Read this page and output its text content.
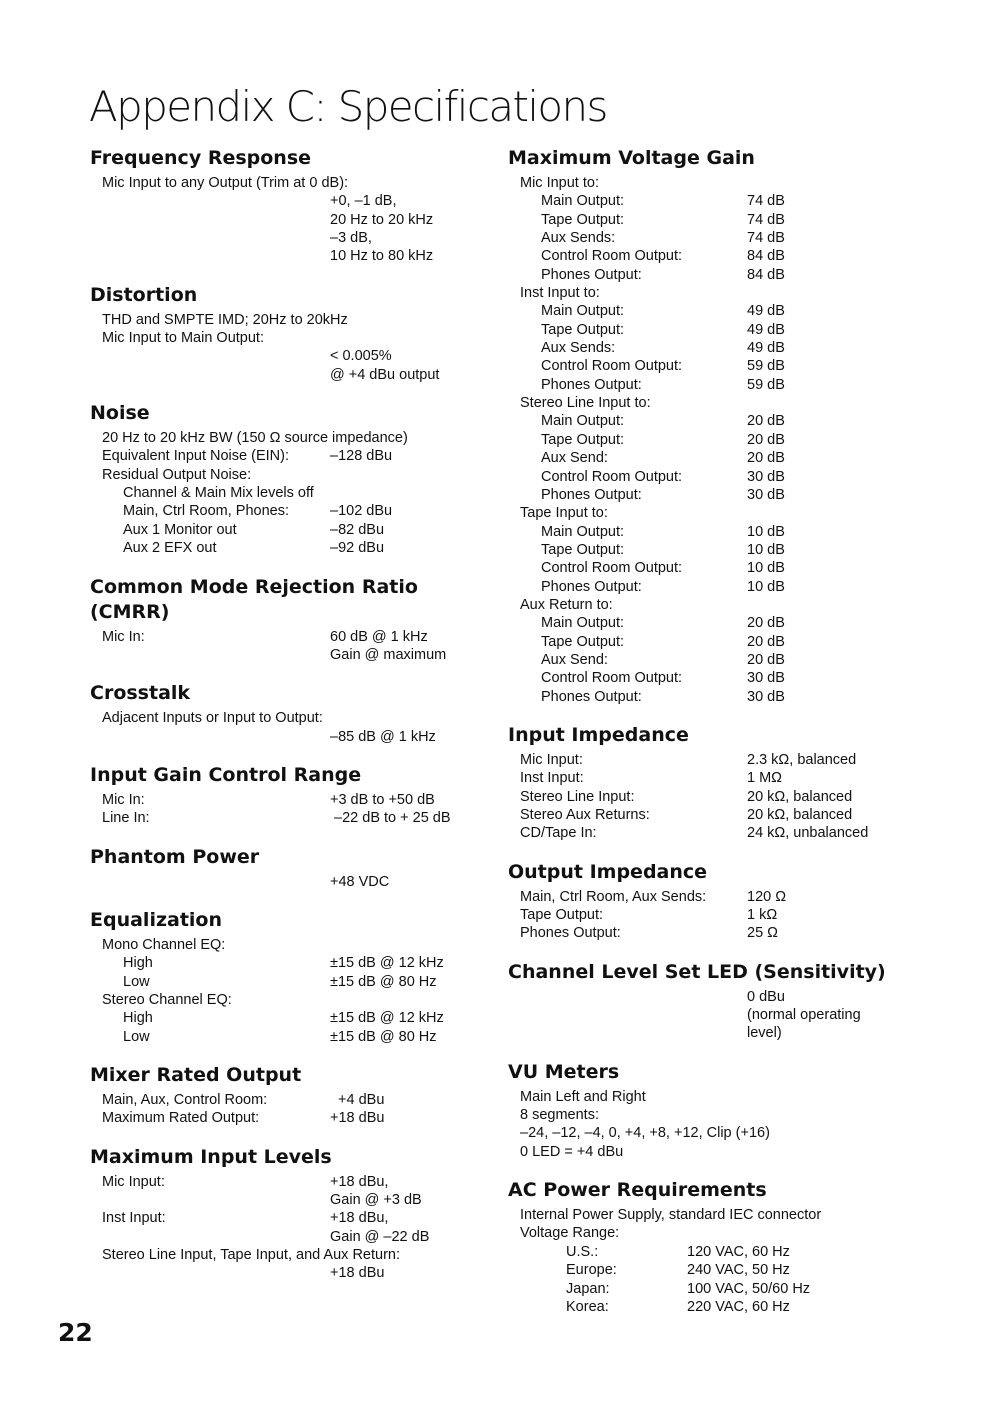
Appendix C: Specifications
Frequency Response
Mic Input to any Output (Trim at 0 dB):
+0, –1 dB,
20 Hz to 20 kHz
–3 dB,
10 Hz to 80 kHz
Distortion
THD and SMPTE IMD; 20Hz to 20kHz
Mic Input to Main Output:
< 0.005%
@ +4 dBu output
Noise
20 Hz to 20 kHz BW (150 Ω source impedance)
Equivalent Input Noise (EIN):	–128 dBu
Residual Output Noise:
Channel & Main Mix levels off
Main, Ctrl Room, Phones:	–102 dBu
Aux 1 Monitor out	–82 dBu
Aux 2 EFX out	–92 dBu
Common Mode Rejection Ratio (CMRR)
Mic In:	60 dB @ 1 kHz
Gain @ maximum
Crosstalk
Adjacent Inputs or Input to Output:
–85 dB @ 1 kHz
Input Gain Control Range
Mic In:	+3 dB to +50 dB
Line In:	–22 dB to + 25 dB
Phantom Power
+48 VDC
Equalization
Mono Channel EQ:
High	±15 dB @ 12 kHz
Low	±15 dB @ 80 Hz
Stereo Channel EQ:
High	±15 dB @ 12 kHz
Low	±15 dB @ 80 Hz
Mixer Rated Output
Main, Aux, Control Room:	+4 dBu
Maximum Rated Output:	+18 dBu
Maximum Input Levels
Mic Input:	+18 dBu,
Gain @ +3 dB
Inst Input:	+18 dBu,
Gain @ –22 dB
Stereo Line Input, Tape Input, and Aux Return:
+18 dBu
Maximum Voltage Gain
Mic Input to:
Main Output:	74 dB
Tape Output:	74 dB
Aux Sends:	74 dB
Control Room Output:	84 dB
Phones Output:	84 dB
Inst Input to:
Main Output:	49 dB
Tape Output:	49 dB
Aux Sends:	49 dB
Control Room Output:	59 dB
Phones Output:	59 dB
Stereo Line Input to:
Main Output:	20 dB
Tape Output:	20 dB
Aux Send:	20 dB
Control Room Output:	30 dB
Phones Output:	30 dB
Tape Input to:
Main Output:	10 dB
Tape Output:	10 dB
Control Room Output:	10 dB
Phones Output:	10 dB
Aux Return to:
Main Output:	20 dB
Tape Output:	20 dB
Aux Send:	20 dB
Control Room Output:	30 dB
Phones Output:	30 dB
Input Impedance
Mic Input:	2.3 kΩ, balanced
Inst Input:	1 MΩ
Stereo Line Input:	20 kΩ, balanced
Stereo Aux Returns:	20 kΩ, balanced
CD/Tape In:	24 kΩ, unbalanced
Output Impedance
Main, Ctrl Room, Aux Sends:	120 Ω
Tape Output:	1 kΩ
Phones Output:	25 Ω
Channel Level Set LED (Sensitivity)
0 dBu
(normal operating
level)
VU Meters
Main Left and Right
8 segments:
–24, –12, –4, 0, +4, +8, +12, Clip (+16)
0 LED = +4 dBu
AC Power Requirements
Internal Power Supply, standard IEC connector
Voltage Range:
U.S.:	120 VAC, 60 Hz
Europe:	240 VAC, 50 Hz
Japan:	100 VAC, 50/60 Hz
Korea:	220 VAC, 60 Hz
22
